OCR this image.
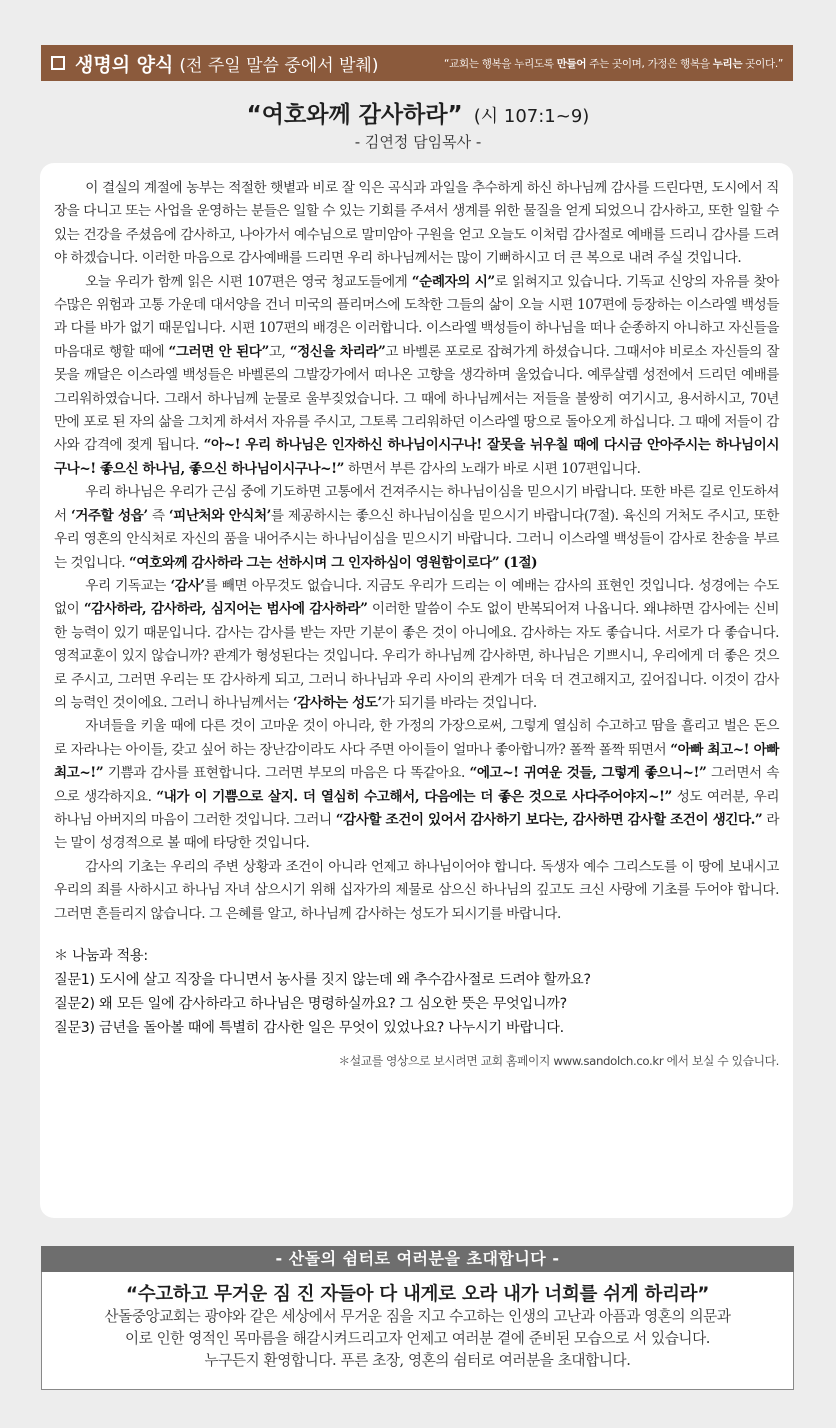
생명의 양식 (전 주일 말씀 중에서 발췌)	“교회는 행복을 누리도록 만들어 주는 곳이며, 가정은 행복을 누리는 곳이다.”
“여호와께 감사하라” (시 107:1~9)
- 김연정 담임목사 -

이 결실의 계절에 농부는 적절한 햇볕과 비로 잘 익은 곡식과 과일을 추수하게 하신 하나님께 감사를 드린다면, 도시에서 직장을 다니고 또는 사업을 운영하는 분들은 일할 수 있는 기회를 주셔서 생계를 위한 물질을 얻게 되었으니 감사하고, 또한 일할 수 있는 건강을 주셨음에 감사하고, 나아가서 예수님으로 말미암아 구원을 얻고 오늘도 이처럼 감사절로 예배를 드리니 감사를 드려야 하겠습니다. 이러한 마음으로 감사예배를 드리면 우리 하나님께서는 많이 기뻐하시고 더 큰 복으로 내려 주실 것입니다.

오늘 우리가 함께 읽은 시편 107편은 영국 청교도들에게 “순례자의 시”로 읽혀지고 있습니다. 기독교 신앙의 자유를 찾아 수많은 위험과 고통 가운데 대서양을 건너 미국의 플리머스에 도착한 그들의 삶이 오늘 시편 107편에 등장하는 이스라엘 백성들과 다를 바가 없기 때문입니다. 시편 107편의 배경은 이러합니다. 이스라엘 백성들이 하나님을 떠나 순종하지 아니하고 자신들을 마음대로 행할 때에 “그러면 안 된다”고, “정신을 차리라”고 바벨론 포로로 잡혀가게 하셨습니다. 그때서야 비로소 자신들의 잘못을 깨달은 이스라엘 백성들은 바벨론의 그발강가에서 떠나온 고향을 생각하며 울었습니다. 예루살렘 성전에서 드리던 예배를 그리워하였습니다. 그래서 하나님께 눈물로 울부짖었습니다. 그 때에 하나님께서는 저들을 불쌍히 여기시고, 용서하시고, 70년 만에 포로 된 자의 삶을 그치게 하셔서 자유를 주시고, 그토록 그리워하던 이스라엘 땅으로 돌아오게 하십니다. 그 때에 저들이 감사와 감격에 젖게 됩니다. “아~! 우리 하나님은 인자하신 하나님이시구나! 잘못을 뉘우칠 때에 다시금 안아주시는 하나님이시구나~! 좋으신 하나님, 좋으신 하나님이시구나~!” 하면서 부른 감사의 노래가 바로 시편 107편입니다.

우리 하나님은 우리가 근심 중에 기도하면 고통에서 건져주시는 하나님이심을 믿으시기 바랍니다. 또한 바른 길로 인도하셔서 ‘거주할 성읍’ 즉 ‘피난처와 안식처’를 제공하시는 좋으신 하나님이심을 믿으시기 바랍니다(7절). 육신의 거처도 주시고, 또한 우리 영혼의 안식처로 자신의 품을 내어주시는 하나님이심을 믿으시기 바랍니다. 그러니 이스라엘 백성들이 감사로 찬송을 부르는 것입니다. “여호와께 감사하라 그는 선하시며 그 인자하심이 영원함이로다” (1절)

우리 기독교는 ‘감사’를 빼면 아무것도 없습니다. 지금도 우리가 드리는 이 예배는 감사의 표현인 것입니다. 성경에는 수도 없이 “감사하라, 감사하라, 심지어는 범사에 감사하라” 이러한 말씀이 수도 없이 반복되어져 나옵니다. 왜냐하면 감사에는 신비한 능력이 있기 때문입니다. 감사는 감사를 받는 자만 기분이 좋은 것이 아니에요. 감사하는 자도 좋습니다. 서로가 다 좋습니다. 영적교훈이 있지 않습니까? 관계가 형성된다는 것입니다. 우리가 하나님께 감사하면, 하나님은 기쁘시니, 우리에게 더 좋은 것으로 주시고, 그러면 우리는 또 감사하게 되고, 그러니 하나님과 우리 사이의 관계가 더욱 더 견고해지고, 깊어집니다. 이것이 감사의 능력인 것이에요. 그러니 하나님께서는 ‘감사하는 성도’가 되기를 바라는 것입니다.

자녀들을 키울 때에 다른 것이 고마운 것이 아니라, 한 가정의 가장으로써, 그렇게 열심히 수고하고 땀을 흘리고 벌은 돈으로 자라나는 아이들, 갖고 싶어 하는 장난감이라도 사다 주면 아이들이 얼마나 좋아합니까? 폴짝 폴짝 뛰면서 “아빠 최고~! 아빠 최고~!” 기쁨과 감사를 표현합니다. 그러면 부모의 마음은 다 똑같아요. “에고~! 귀여운 것들, 그렇게 좋으니~!” 그러면서 속으로 생각하지요. “내가 이 기쁨으로 살지. 더 열심히 수고해서, 다음에는 더 좋은 것으로 사다주어야지~!” 성도 여러분, 우리 하나님 아버지의 마음이 그러한 것입니다. 그러니 “감사할 조건이 있어서 감사하기 보다는, 감사하면 감사할 조건이 생긴다.” 라는 말이 성경적으로 볼 때에 타당한 것입니다.

감사의 기초는 우리의 주변 상황과 조건이 아니라 언제고 하나님이어야 합니다. 독생자 예수 그리스도를 이 땅에 보내시고 우리의 죄를 사하시고 하나님 자녀 삼으시기 위해 십자가의 제물로 삼으신 하나님의 깊고도 크신 사랑에 기초를 두어야 합니다. 그러면 흔들리지 않습니다. 그 은혜를 알고, 하나님께 감사하는 성도가 되시기를 바랍니다.

＊ 나눔과 적용:
질문1) 도시에 살고 직장을 다니면서 농사를 짓지 않는데 왜 추수감사절로 드려야 할까요?
질문2) 왜 모든 일에 감사하라고 하나님은 명령하실까요? 그 심오한 뜻은 무엇입니까?
질문3) 금년을 돌아볼 때에 특별히 감사한 일은 무엇이 있었나요? 나누시기 바랍니다.
＊설교를 영상으로 보시려면 교회 홈페이지 www.sandolch.co.kr 에서 보실 수 있습니다.
- 산돌의 쉼터로 여러분을 초대합니다 -
“수고하고 무거운 짐 진 자들아 다 내게로 오라 내가 너희를 쉬게 하리라”
산돌중앙교회는 광야와 같은 세상에서 무거운 짐을 지고 수고하는 인생의 고난과 아픔과 영혼의 의문과
이로 인한 영적인 목마름을 해갈시켜드리고자 언제고 여러분 곁에 준비된 모습으로 서 있습니다.
누구든지 환영합니다. 푸른 초장, 영혼의 쉼터로 여러분을 초대합니다.
